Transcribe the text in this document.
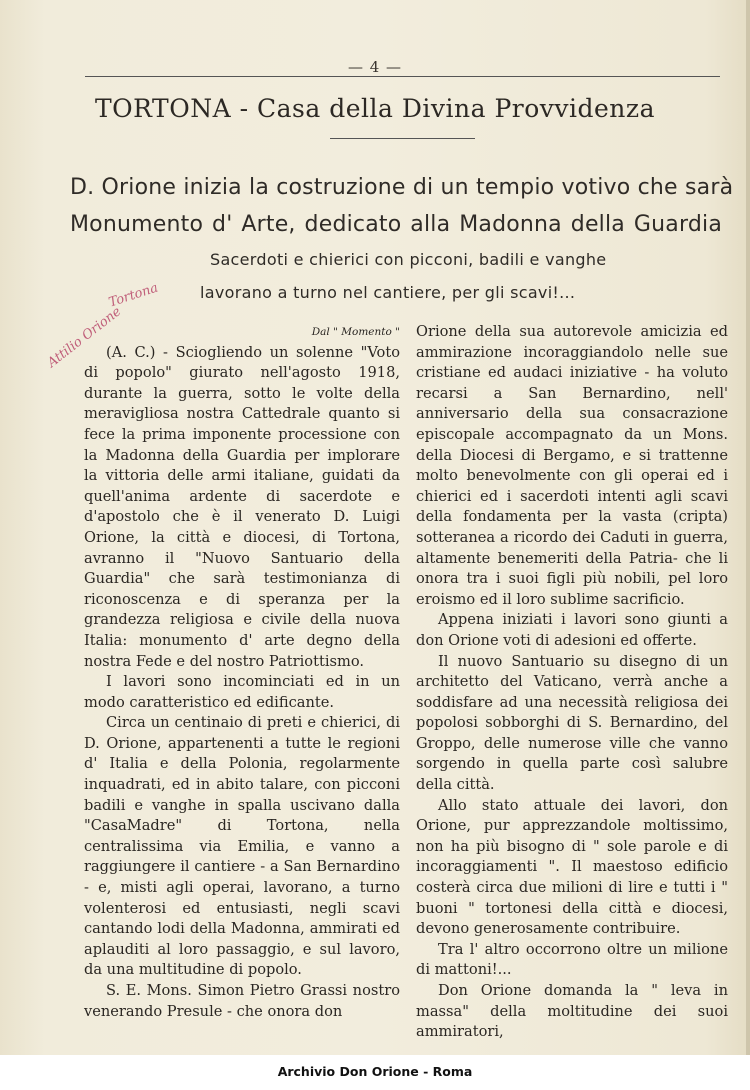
— 4 —
TORTONA - Casa della Divina Provvidenza
D. Orione inizia la costruzione di un tempio votivo che sarà
Monumento d' Arte, dedicato alla Madonna della Guardia
Sacerdoti e chierici con picconi, badili e vanghe
lavorano a turno nel cantiere, per gli scavi!...
Tortona
Attilio Orione	Dal " Momento "

(A. C.) - Sciogliendo un solenne "Voto di popolo" giurato nell'agosto 1918, durante la guerra, sotto le volte della meravigliosa nostra Cattedrale quanto si fece la prima imponente processione con la Madonna della Guardia per implorare la vittoria delle armi italiane, guidati da quell'anima ardente di sacerdote e d'apostolo che è il venerato D. Luigi Orione, la città e diocesi, di Tortona, avranno il "Nuovo Santuario della Guardia" che sarà testimonianza di riconoscenza e di speranza per la grandezza religiosa e civile della nuova Italia: monumento d' arte degno della nostra Fede e del nostro Patriottismo.

I lavori sono incominciati ed in un modo caratteristico ed edificante.

Circa un centinaio di preti e chierici, di D. Orione, appartenenti a tutte le regioni d' Italia e della Polonia, regolarmente inquadrati, ed in abito talare, con picconi badili e vanghe in spalla uscivano dalla "CasaMadre" di Tortona, nella centralissima via Emilia, e vanno a raggiungere il cantiere - a San Bernardino - e, misti agli operai, lavorano, a turno volenterosi ed entusiasti, negli scavi cantando lodi della Madonna, ammirati ed aplauditi al loro passaggio, e sul lavoro, da una multitudine di popolo.

S. E. Mons. Simon Pietro Grassi nostro venerando Presule - che onora don

Orione della sua autorevole amicizia ed ammirazione incoraggiandolo nelle sue cristiane ed audaci iniziative - ha voluto recarsi a San Bernardino, nell' anniversario della sua consacrazione episcopale accompagnato da un Mons. della Diocesi di Bergamo, e si trattenne molto benevolmente con gli operai ed i chierici ed i sacerdoti intenti agli scavi della fondamenta per la vasta (cripta) sotteranea a ricordo dei Caduti in guerra, altamente benemeriti della Patria- che li onora tra i suoi figli più nobili, pel loro eroismo ed il loro sublime sacrificio.

Appena iniziati i lavori sono giunti a don Orione voti di adesioni ed offerte.

Il nuovo Santuario su disegno di un architetto del Vaticano, verrà anche a soddisfare ad una necessità religiosa dei popolosi sobborghi di S. Bernardino, del Groppo, delle numerose ville che vanno sorgendo in quella parte così salubre della città.

Allo stato attuale dei lavori, don Orione, pur apprezzandole moltissimo, non ha più bisogno di " sole parole e di incoraggiamenti ". Il maestoso edificio costerà circa due milioni di lire e tutti i " buoni " tortonesi della città e diocesi, devono generosamente contribuire.

Tra l' altro occorrono oltre un milione di mattoni!...

Don Orione domanda la " leva in massa" della moltitudine dei suoi ammiratori,

Archivio Don Orione - Roma
